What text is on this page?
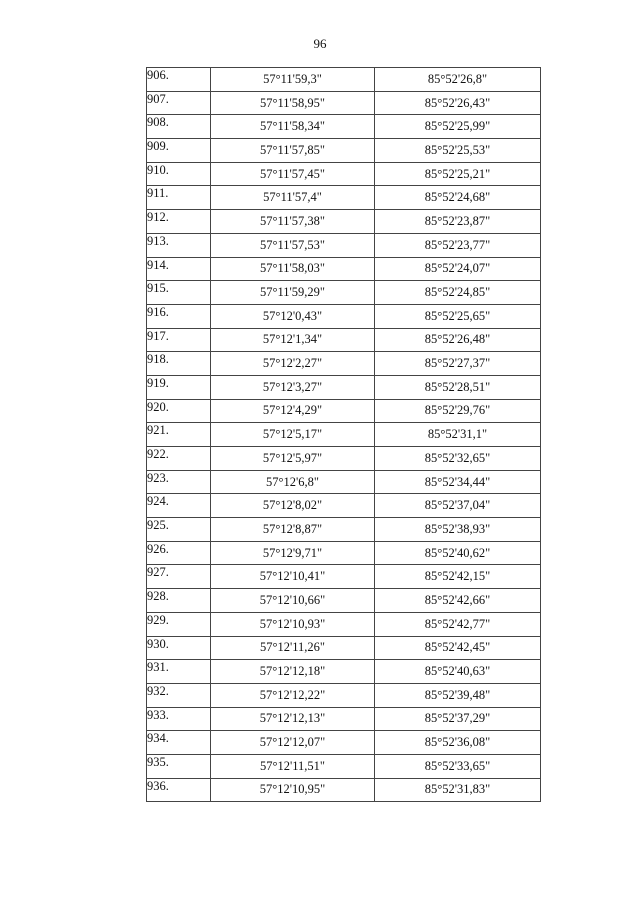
96
906.	57°11'59,3"	85°52'26,8"
907.	57°11'58,95"	85°52'26,43"
908.	57°11'58,34"	85°52'25,99"
909.	57°11'57,85"	85°52'25,53"
910.	57°11'57,45"	85°52'25,21"
911.	57°11'57,4"	85°52'24,68"
912.	57°11'57,38"	85°52'23,87"
913.	57°11'57,53"	85°52'23,77"
914.	57°11'58,03"	85°52'24,07"
915.	57°11'59,29"	85°52'24,85"
916.	57°12'0,43"	85°52'25,65"
917.	57°12'1,34"	85°52'26,48"
918.	57°12'2,27"	85°52'27,37"
919.	57°12'3,27"	85°52'28,51"
920.	57°12'4,29"	85°52'29,76"
921.	57°12'5,17"	85°52'31,1"
922.	57°12'5,97"	85°52'32,65"
923.	57°12'6,8"	85°52'34,44"
924.	57°12'8,02"	85°52'37,04"
925.	57°12'8,87"	85°52'38,93"
926.	57°12'9,71"	85°52'40,62"
927.	57°12'10,41"	85°52'42,15"
928.	57°12'10,66"	85°52'42,66"
929.	57°12'10,93"	85°52'42,77"
930.	57°12'11,26"	85°52'42,45"
931.	57°12'12,18"	85°52'40,63"
932.	57°12'12,22"	85°52'39,48"
933.	57°12'12,13"	85°52'37,29"
934.	57°12'12,07"	85°52'36,08"
935.	57°12'11,51"	85°52'33,65"
936.	57°12'10,95"	85°52'31,83"
